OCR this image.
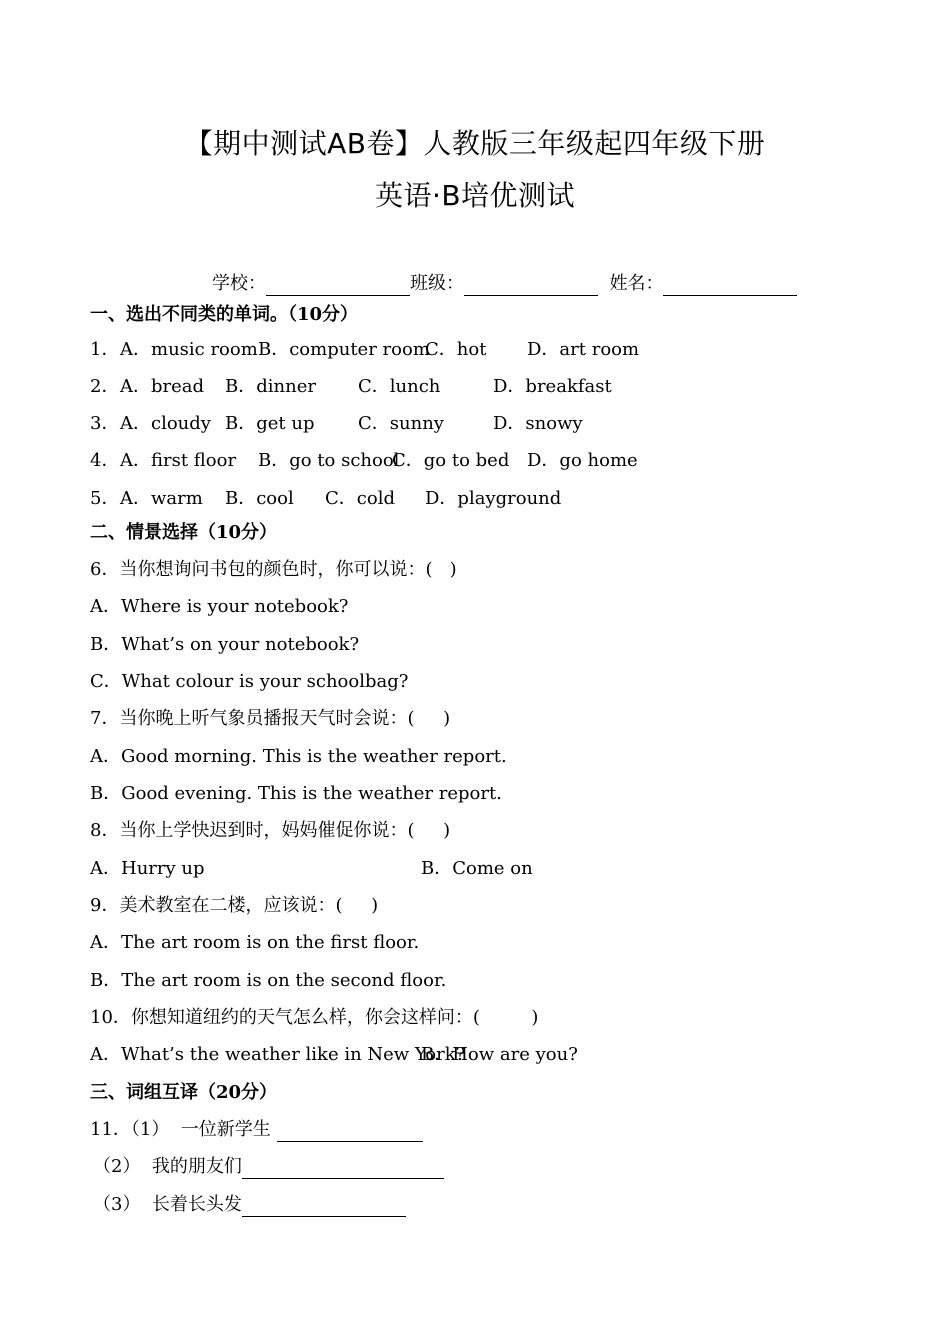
【期中测试AB卷】人教版三年级起四年级下册
英语·B培优测试
学校：	班级：	姓名：
一、选出不同类的单词。（10分）
1． A．music room B．computer room
C．hot D．art room
2． A．bread B．dinner C．lunch	D．breakfast
3． A．cloudy B．get up C．sunny	D．snowy
4． A．first floor B．go to school
C．go to bed D．go home
5． A．warm B．cool C．cold D．playground
二、情景选择（10分）
6．当你想询问书包的颜色时，你可以说：(   )
A．Where is your notebook?
B．What’s on your notebook?
C．What colour is your schoolbag?
7．当你晚上听气象员播报天气时会说：(     )
A．Good morning. This is the weather report.
B．Good evening. This is the weather report.
8．当你上学快迟到时，妈妈催促你说：(     )
A．Hurry up	B．Come on
9．美术教室在二楼，应该说：(     )
A．The art room is on the first floor.
B．The art room is on the second floor.
10．你想知道纽约的天气怎么样，你会这样问：(         )
A．What’s the weather like in New York?
B．How are you?
三、词组互译（20分）
11．（1）  一位新学生
（2）  我的朋友们
（3）  长着长头发
